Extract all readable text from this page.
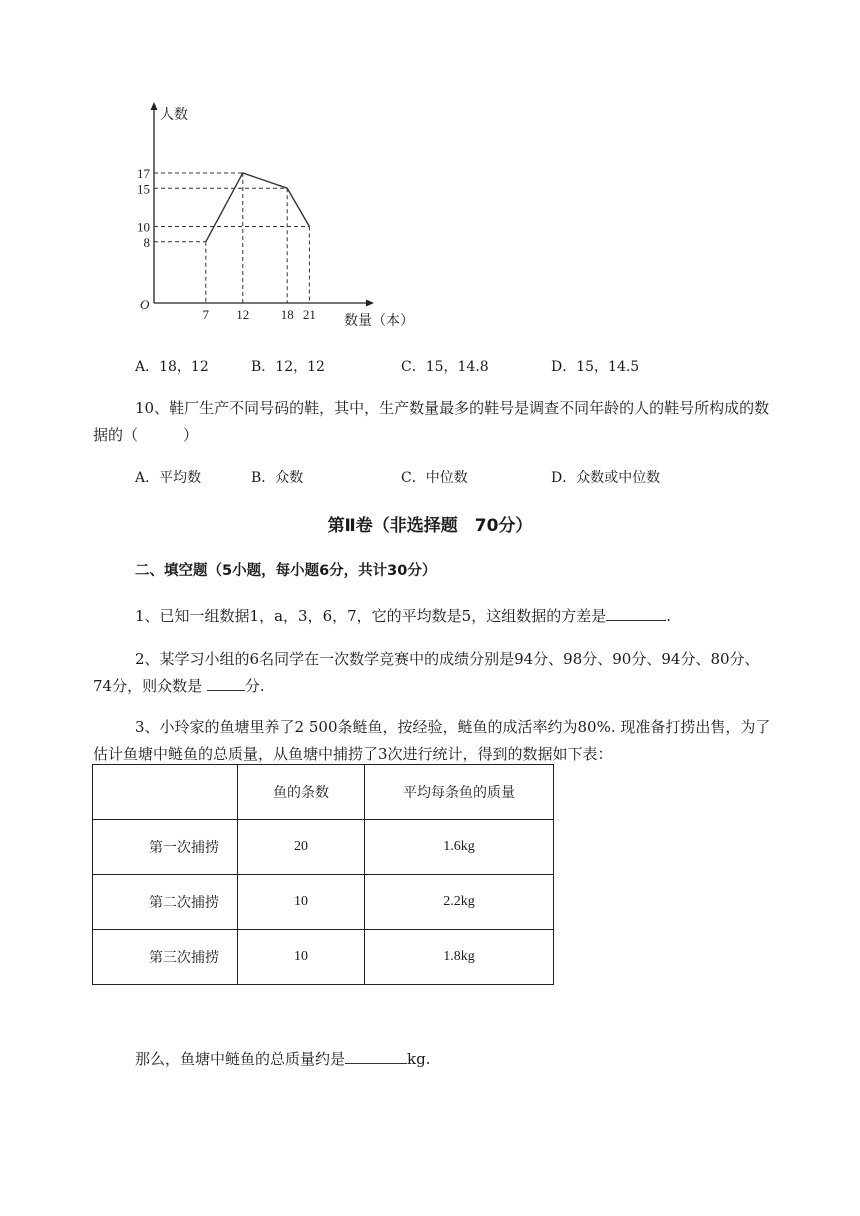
7 12 18 21
8
10
15
17
O
人数
数量（本）
A．18，12	B．12，12	C．15，14.8	D．15，14.5
10、鞋厂生产不同号码的鞋，其中，生产数量最多的鞋号是调查不同年龄的人的鞋号所构成的数
据的（　　　）
A．平均数	B．众数	C．中位数	D．众数或中位数
第Ⅱ卷（非选择题　70分）
二、填空题（5小题，每小题6分，共计30分）
1、已知一组数据1，a，3，6，7，它的平均数是5，这组数据的方差是	.
2、某学习小组的6名同学在一次数学竞赛中的成绩分别是94分、98分、90分、94分、80分、
74分，则众数是	分.
3、小玲家的鱼塘里养了2 500条鲢鱼，按经验，鲢鱼的成活率约为80%. 现准备打捞出售，为了
估计鱼塘中鲢鱼的总质量，从鱼塘中捕捞了3次进行统计，得到的数据如下表：
	鱼的条数	平均每条鱼的质量
第一次捕捞	20	1.6kg
第二次捕捞	10	2.2kg
第三次捕捞	10	1.8kg
那么，鱼塘中鲢鱼的总质量约是	kg.
